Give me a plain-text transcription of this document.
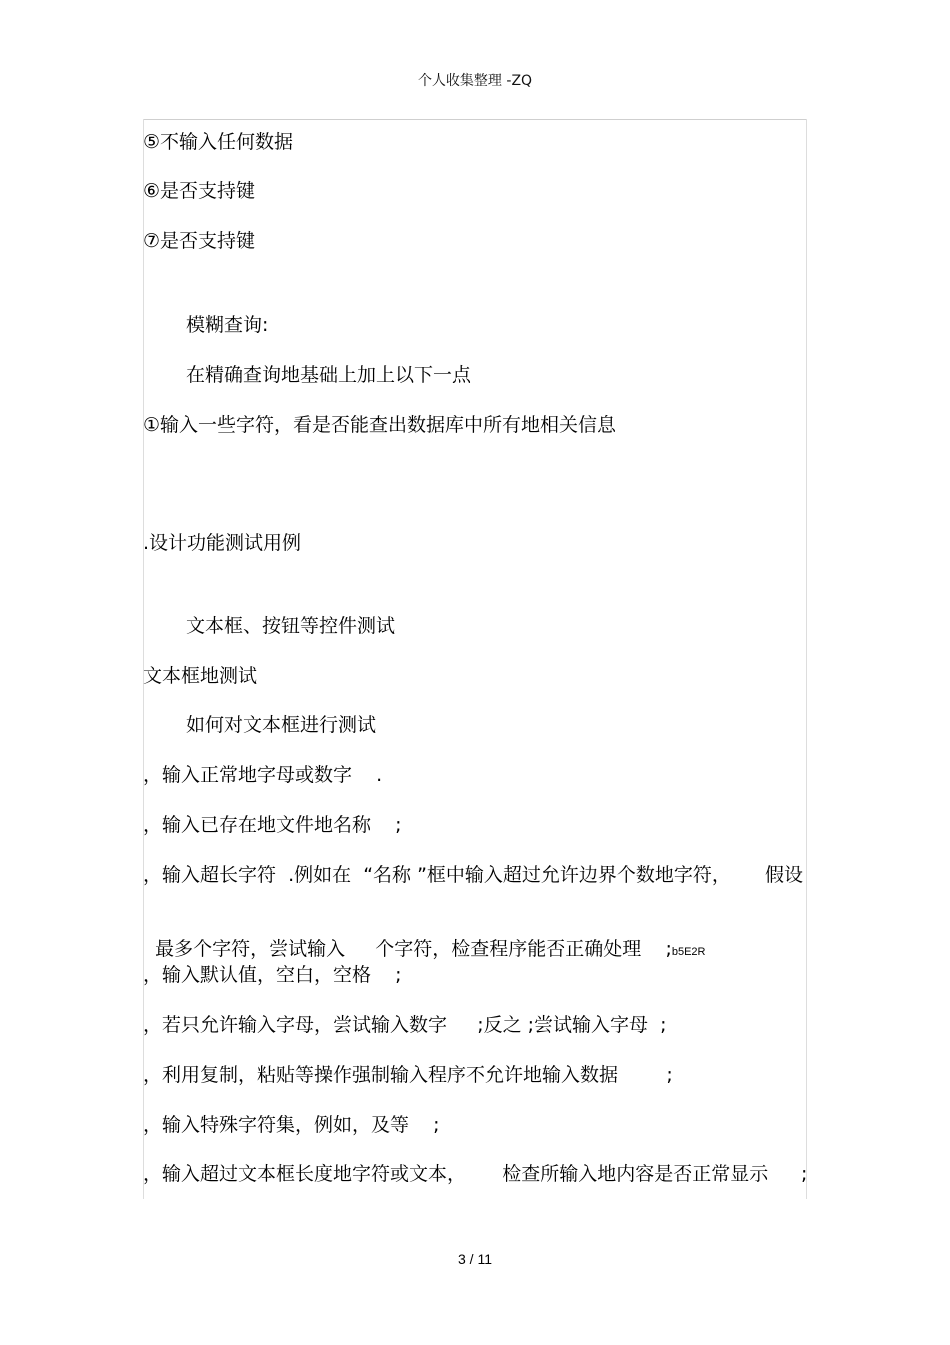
个人收集整理 -ZQ
⑤不输入任何数据
⑥是否支持键
⑦是否支持键
模糊查询:
在精确查询地基础上加上以下一点
①输入一些字符，看是否能查出数据库中所有地相关信息
.设计功能测试用例
文本框、按钮等控件测试
文本框地测试
如何对文本框进行测试
，输入正常地字母或数字    .
，输入已存在地文件地名称    ;
，输入超长字符  .例如在  “名称 ”框中输入超过允许边界个数地字符， 假设

最多个字符，尝试输入     个字符，检查程序能否正确处理    ;b5E2R

，输入默认值，空白，空格    ;
，若只允许输入字母，尝试输入数字     ;反之 ;尝试输入字母  ;
，利用复制，粘贴等操作强制输入程序不允许地输入数据        ;
，输入特殊字符集，例如，及等    ;
，输入超过文本框长度地字符或文本，      检查所输入地内容是否正常显示 ;
3 / 11
